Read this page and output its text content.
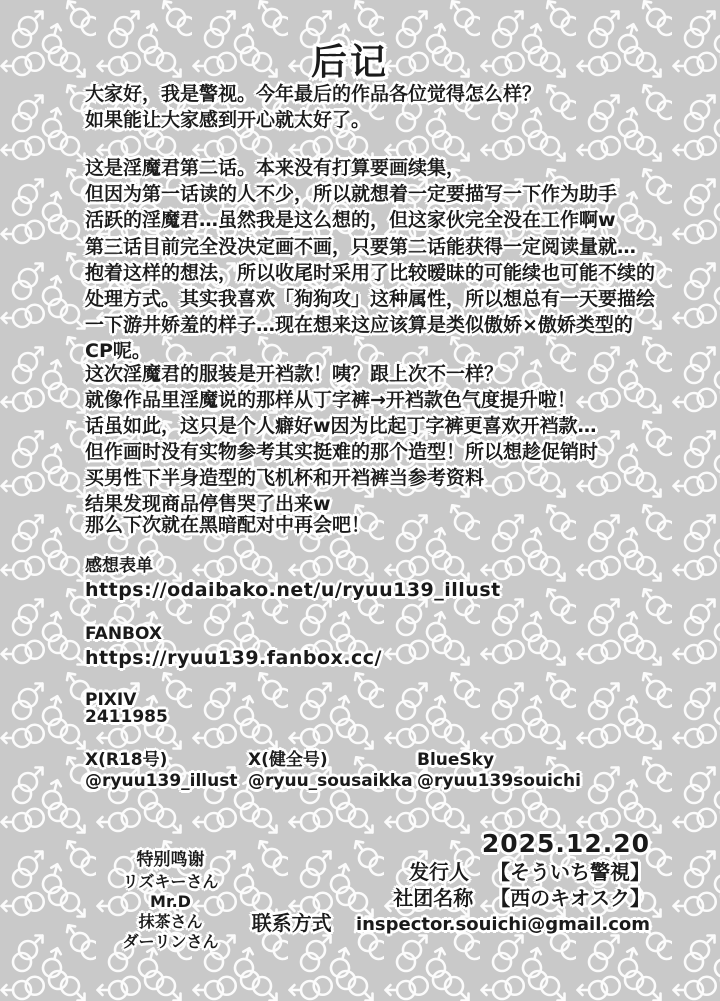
后记
大家好，我是警视。今年最后的作品各位觉得怎么样？
如果能让大家感到开心就太好了。
这是淫魔君第二话。本来没有打算要画续集，
但因为第一话读的人不少，所以就想着一定要描写一下作为助手
活跃的淫魔君…虽然我是这么想的，但这家伙完全没在工作啊w
第三话目前完全没决定画不画，只要第二话能获得一定阅读量就…
抱着这样的想法，所以收尾时采用了比较暧昧的可能续也可能不续的
处理方式。其实我喜欢「狗狗攻」这种属性，所以想总有一天要描绘
一下游井娇羞的样子…现在想来这应该算是类似傲娇×傲娇类型的
CP呢。
这次淫魔君的服装是开裆款！咦？跟上次不一样？
就像作品里淫魔说的那样从丁字裤→开裆款色气度提升啦！
话虽如此，这只是个人癖好w因为比起丁字裤更喜欢开裆款…
但作画时没有实物参考其实挺难的那个造型！所以想趁促销时
买男性下半身造型的飞机杯和开裆裤当参考资料
结果发现商品停售哭了出来w
那么下次就在黑暗配对中再会吧！
感想表单
https://odaibako.net/u/ryuu139_illust
FANBOX
https://ryuu139.fanbox.cc/
PIXIV
2411985
X(R18号)
@ryuu139_illust
X(健全号)
@ryuu_sousaikka
BlueSky
@ryuu139souichi
2025.12.20
发行人 【そういち警視】
社团名称 【西のキオスク】
联系方式 inspector.souichi@gmail.com
特别鸣谢
リズキーさん
Mr.D
抹茶さん
ダーリンさん
